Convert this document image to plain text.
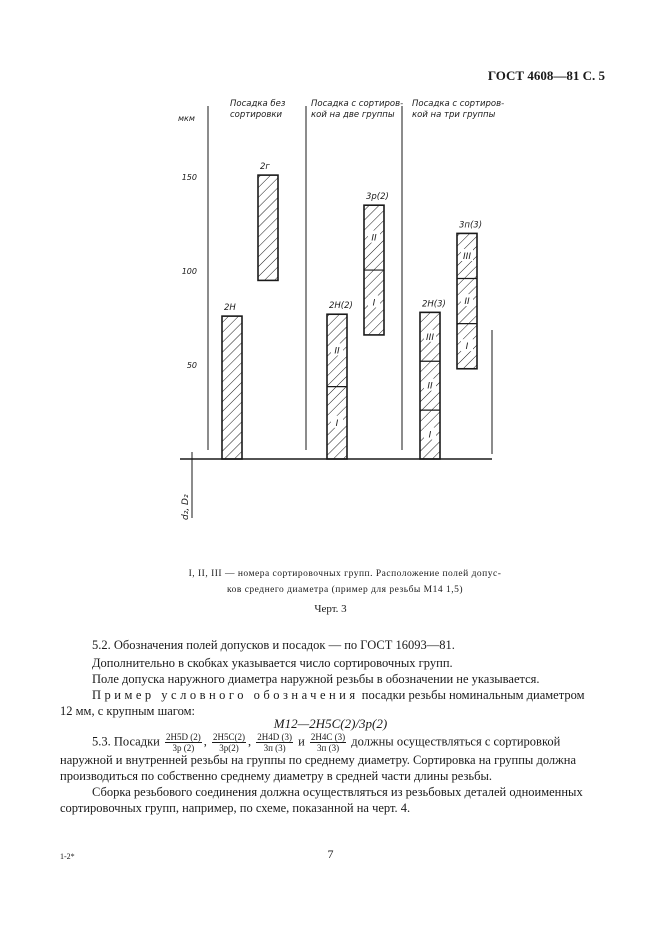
ГОСТ 4608—81 С. 5
d₂, D₂
мкм
150
100
50
Посадка без
сортировки
Посадка с сортиров-
кой на две группы
Посадка с сортиров-
кой на три группы
2H
2г
2H(2)
I
II
3р(2)
I
II
2H(3)
I
II
III
3п(3)
I
II
III
I, II, III — номера сортировочных групп. Расположение полей допус-
ков среднего диаметра (пример для резьбы М14 1,5)
Черт. 3

5.2. Обозначения полей допусков и посадок — по ГОСТ 16093—81.

Дополнительно в скобках указывается число сортировочных групп.
Поле допуска наружного диаметра наружной резьбы в обозначении не указывается.
Пример условного обозначения посадки резьбы номинальным диаметром
12 мм, с крупным шагом:
M12—2H5C(2)/3p(2)
5.3. Посадки $\frac{2H5D (2)}{3р (2)}$ , $\frac{2H5C(2)}{3р(2)}$ , $\frac{2H4D (3)}{3п (3)}$ и $\frac{2H4C (3)}{3п (3)}$ должны осуществляться с сортировкой
наружной и внутренней резьбы на группы по среднему диаметру. Сортировка на группы должна
производиться по собственно среднему диаметру в средней части длины резьбы.
Сборка резьбового соединения должна осуществляться из резьбовых деталей одноименных
сортировочных групп, например, по схеме, показанной на черт. 4.
1-2*	7
